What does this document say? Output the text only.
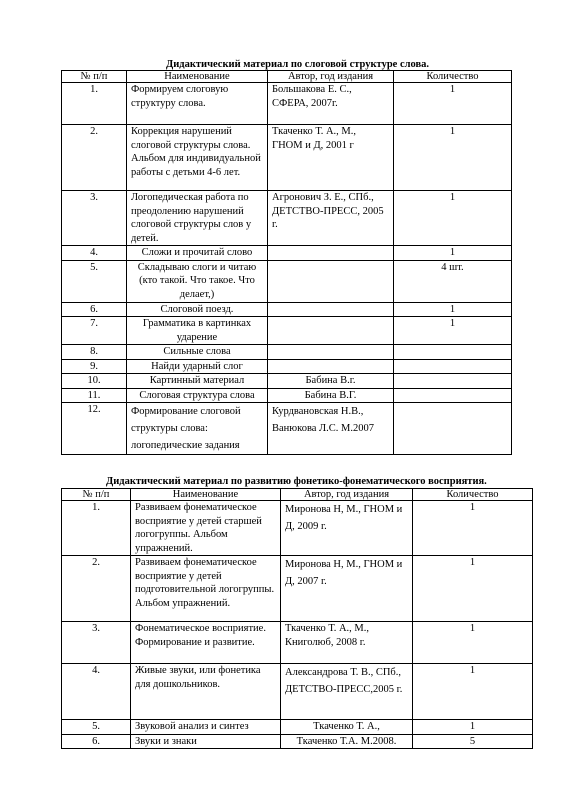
Дидактический материал по слоговой структуре слова.
№ п/п	Наименование	Автор, год издания	Количество
1.	Формируем слоговую структуру слова.	Большакова Е. С., СФЕРА, 2007г.	1
2.	Коррекция нарушений слоговой структуры слова. Альбом для индивидуальной работы с детьми 4-6 лет.	Ткаченко Т. А., М., ГНОМ и Д, 2001 г	1
3.	Логопедическая работа по преодолению нарушений слоговой структуры слов у детей.	Агронович З. Е., СПб., ДЕТСТВО-ПРЕСС, 2005 г.	1
4.	Сложи и прочитай слово		1
5.	Складываю слоги и читаю (кто такой. Что такое. Что делает,)		4 шт.
6.	Слоговой поезд.		1
7.	Грамматика в картинках ударение		1
8.	Сильные слова		
9.	Найди ударный слог		
10.	Картинный материал	Бабина В.г.	
11.	Слоговая структура слова	Бабина В.Г.	
12.	Формирование слоговой структуры слова: логопедические задания	Курдвановская Н.В., Ванюкова Л.С. М.2007	
Дидактический материал по развитию фонетико-фонематического восприятия.
№ п/п	Наименование	Автор, год издания	Количество
1.	Развиваем фонематическое восприятие у детей старшей логогруппы. Альбом упражнений.	Миронова Н, М., ГНОМ и Д, 2009 г.	1
2.	Развиваем фонематическое восприятие у детей подготовительной логогруппы. Альбом упражнений.	Миронова Н, М., ГНОМ и Д, 2007 г.	1
3.	Фонематическое восприятие. Формирование и развитие.	Ткаченко Т. А., М., Книголюб, 2008 г.	1
4.	Живые звуки, или фонетика для дошкольников.	Александрова Т. В., СПб., ДЕТСТВО-ПРЕСС,2005 г.	1
5.	Звуковой анализ и синтез	Ткаченко Т. А.,	1
6.	Звуки и знаки	Ткаченко Т.А. М.2008.	5
